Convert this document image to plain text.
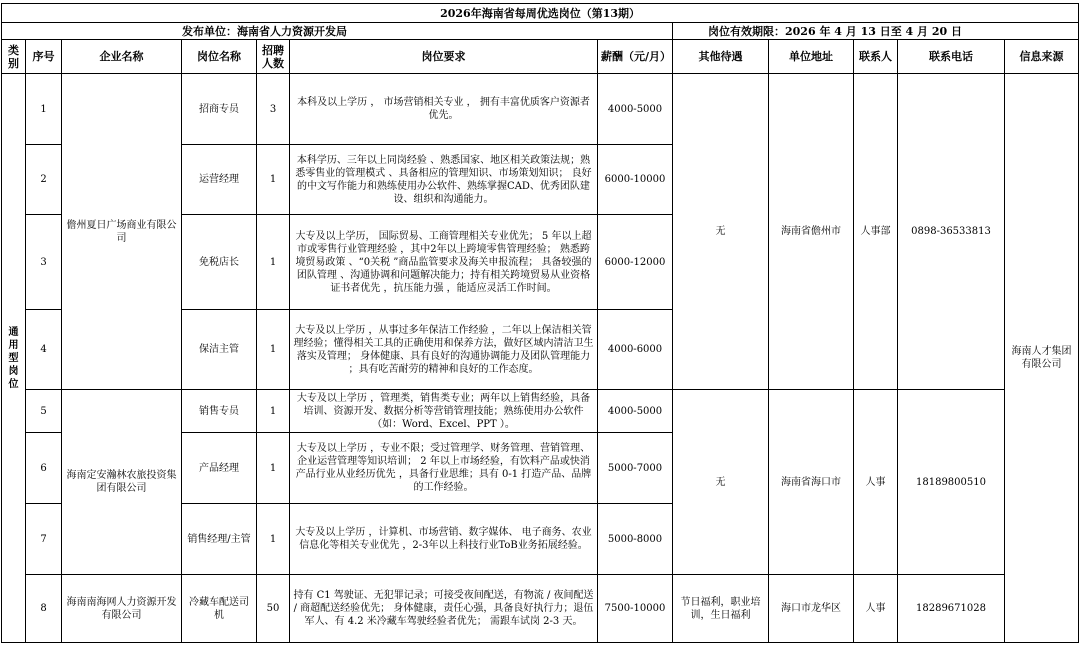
2026年海南省每周优选岗位（第13期）											
发布单位：海南省人力资源开发局							岗位有效期限：2026 年 4 月 13 日至 4 月 20 日				
类别	序号	企业名称	岗位名称	招聘人数	岗位要求	薪酬（元/月）	其他待遇	单位地址	联系人	联系电话	信息来源
通用型岗位	1	儋州夏日广场商业有限公司	招商专员	3	本科及以上学历 ， 市场营销相关专业 ， 拥有丰富优质客户资源者优先。	4000-5000	无	海南省儋州市	人事部	0898-36533813	海南人才集团有限公司
	2		运营经理	1	本科学历、三年以上同岗经验 、熟悉国家、地区相关政策法规；熟悉零售业的管理模式 、具备相应的管理知识、市场策划知识； 良好的中文写作能力和熟练使用办公软件、熟练掌握CAD、优秀团队建设、组织和沟通能力。	6000-10000					
	3		免税店长	1	大专及以上学历， 国际贸易、工商管理相关专业优先； 5 年以上超市或零售行业管理经验 ，其中2年以上跨境零售管理经验； 熟悉跨境贸易政策 、“0关税 ”商品监管要求及海关申报流程； 具备较强的团队管理 、沟通协调和问题解决能力；持有相关跨境贸易从业资格证书者优先 ，抗压能力强 ，能适应灵活工作时间。	6000-12000					
	4		保洁主管	1	大专及以上学历 ，从事过多年保洁工作经验 ，二年以上保洁相关管理经验；懂得相关工具的正确使用和保养方法，做好区域内清洁卫生落实及管理； 身体健康、具有良好的沟通协调能力及团队管理能力 ；具有吃苦耐劳的精神和良好的工作态度。	4000-6000					
	5	海南定安瀚林农旅投资集团有限公司	销售专员	1	大专及以上学历 ，管理类，销售类专业；两年以上销售经验，具备培训、资源开发、数据分析等营销管理技能；熟练使用办公软件（如：Word、Excel、PPT ）。	4000-5000	无	海南省海口市	人事	18189800510	
	6		产品经理	1	大专及以上学历 ，专业不限；受过管理学、财务管理、营销管理、企业运营管理等知识培训； 2 年以上市场经验，有饮料产品或快消产品行业从业经历优先 ，具备行业思维；具有 0-1 打造产品、品牌的工作经验。	5000-7000					
	7		销售经理/主管	1	大专及以上学历 ，计算机、市场营销、数字媒体、 电子商务、农业信息化等相关专业优先 ，2-3年以上科技行业ToB业务拓展经验。	5000-8000					
	8	海南南海网人力资源开发有限公司	冷藏车配送司机	50	持有 C1 驾驶证、无犯罪记录；可接受夜间配送，有物流 / 夜间配送 / 商超配送经验优先； 身体健康，责任心强，具备良好执行力；退伍军人、有 4.2 米冷藏车驾驶经验者优先； 需跟车试岗 2-3 天。	7500-10000	节日福利，职业培训，生日福利	海口市龙华区	人事	18289671028	
